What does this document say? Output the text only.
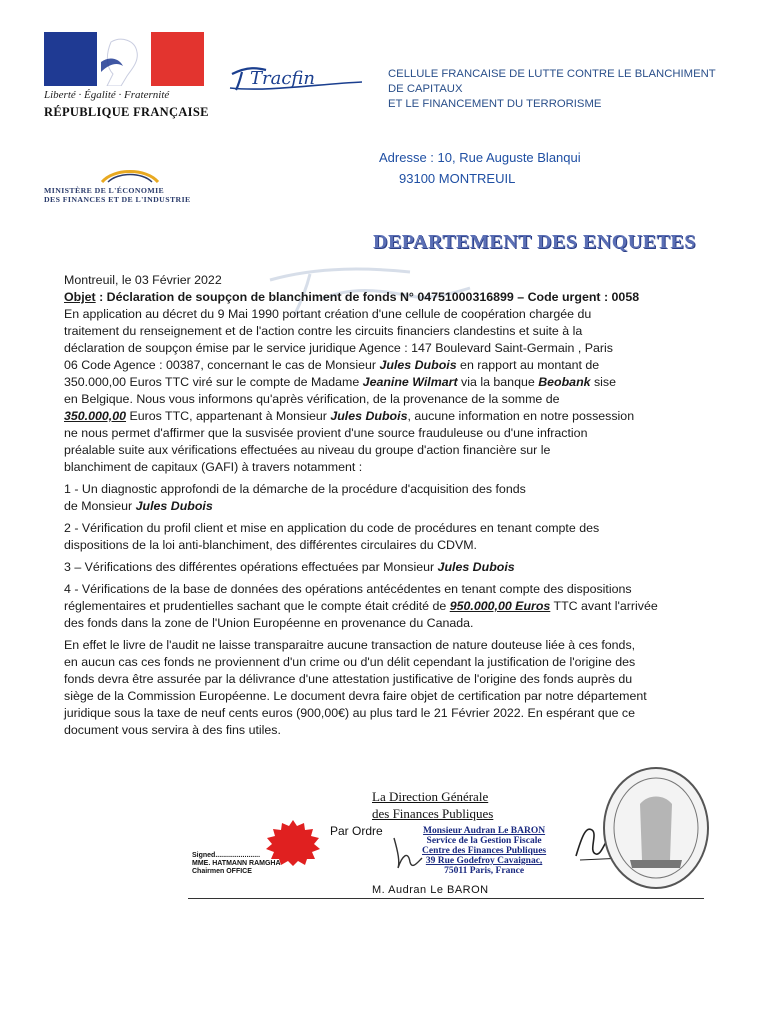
Liberté · Égalité · Fraternité
RÉPUBLIQUE FRANÇAISE
Tracfin	CELLULE FRANCAISE DE LUTTE CONTRE LE BLANCHIMENT DE CAPITAUX
ET LE FINANCEMENT DU TERRORISME
MINISTÈRE DE L'ÉCONOMIE
DES FINANCES ET DE L'INDUSTRIE
Adresse : 10, Rue Auguste Blanqui
93100 MONTREUIL
DEPARTEMENT DES ENQUETES

Montreuil, le 03 Février 2022

Objet : Déclaration de soupçon de blanchiment de fonds N° 04751000316899 – Code urgent : 0058

En application au décret du 9 Mai 1990 portant création d'une cellule de coopération chargée du

traitement du renseignement et de l'action contre les circuits financiers clandestins et suite à la

déclaration de soupçon émise par le service juridique Agence : 147 Boulevard Saint-Germain , Paris

06 Code Agence : 00387, concernant le cas de Monsieur Jules Dubois en rapport au montant de

350.000,00 Euros TTC viré sur le compte de Madame Jeanine Wilmart via la banque Beobank sise

en Belgique. Nous vous informons qu'après vérification, de la provenance de la somme de

350.000,00 Euros TTC, appartenant à Monsieur Jules Dubois, aucune information en notre possession

ne nous permet d'affirmer que la susvisée provient d'une source frauduleuse ou d'une infraction

préalable suite aux vérifications effectuées au niveau du groupe d'action financière sur le

blanchiment de capitaux (GAFI) à travers notamment :

1 - Un diagnostic approfondi de la démarche de la procédure d'acquisition des fonds

de Monsieur Jules Dubois

2 - Vérification du profil client et mise en application du code de procédures en tenant compte des

dispositions de la loi anti-blanchiment, des différentes circulaires du CDVM.

3 – Vérifications des différentes opérations effectuées par Monsieur Jules Dubois

4 - Vérifications de la base de données des opérations antécédentes en tenant compte des dispositions

réglementaires et prudentielles sachant que le compte était crédité de 950.000,00 Euros TTC avant l'arrivée

des fonds dans la zone de l'Union Européenne en provenance du Canada.

En effet le livre de l'audit ne laisse transparaitre aucune transaction de nature douteuse liée à ces fonds,

en aucun cas ces fonds ne proviennent d'un crime ou d'un délit cependant la justification de l'origine des

fonds devra être assurée par la délivrance d'une attestation justificative de l'origine des fonds auprès du

siège de la Commission Européenne. Le document devra faire objet de certification par notre département

juridique sous la taxe de neuf cents euros (900,00€) au plus tard le 21 Février 2022. En espérant que ce

document vous servira à des fins utiles.

La Direction Générale
des Finances Publiques
Par Ordre	Monsieur Audran Le BARON
Service de la Gestion Fiscale
Centre des Finances Publiques
39 Rue Godefroy Cavaignac,
75011 Paris, France
Signed.......................
MME. HATMANN RAMGHA
Chairmen OFFICE
M. Audran Le BARON
